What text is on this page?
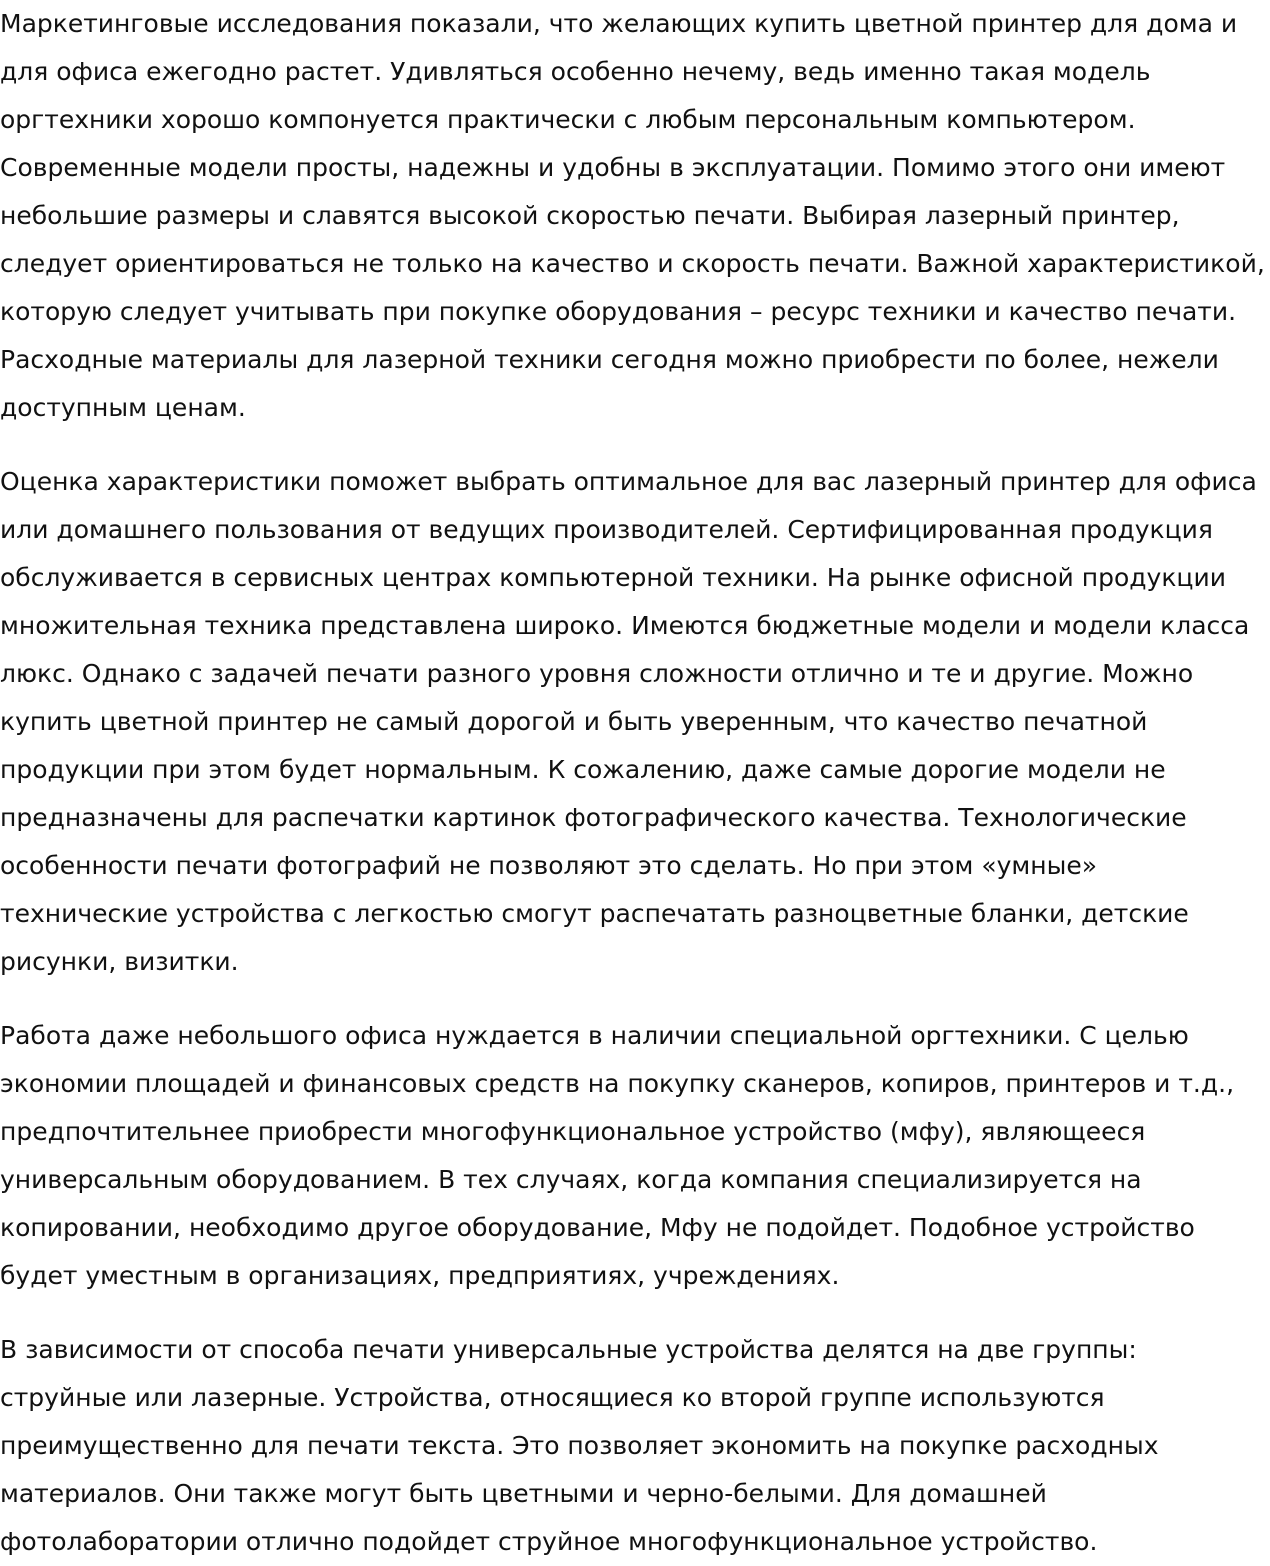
Маркетинговые исследования показали, что желающих купить цветной принтер для дома и для офиса ежегодно растет. Удивляться особенно нечему, ведь именно такая модель оргтехники хорошо компонуется практически с любым персональным компьютером. Современные модели просты, надежны и удобны в эксплуатации. Помимо этого они имеют небольшие размеры и славятся высокой скоростью печати. Выбирая лазерный принтер, следует ориентироваться не только на качество и скорость печати. Важной характеристикой, которую следует учитывать при покупке оборудования – ресурс техники и качество печати. Расходные материалы для лазерной техники сегодня можно приобрести по более, нежели доступным ценам.

Оценка характеристики поможет выбрать оптимальное для вас лазерный принтер для офиса или домашнего пользования от ведущих производителей. Сертифицированная продукция обслуживается в сервисных центрах компьютерной техники. На рынке офисной продукции множительная техника представлена широко. Имеются бюджетные модели и модели класса люкс. Однако с задачей печати разного уровня сложности отлично и те и другие. Можно купить цветной принтер не самый дорогой и быть уверенным, что качество печатной продукции при этом будет нормальным. К сожалению, даже самые дорогие модели не предназначены для распечатки картинок фотографического качества. Технологические особенности печати фотографий не позволяют это сделать. Но при этом «умные» технические устройства с легкостью смогут распечатать разноцветные бланки, детские рисунки, визитки.

Работа даже небольшого офиса нуждается в наличии специальной оргтехники. С целью экономии площадей и финансовых средств на покупку сканеров, копиров, принтеров и т.д., предпочтительнее приобрести многофункциональное устройство (мфу), являющееся универсальным оборудованием. В тех случаях, когда компания специализируется на копировании, необходимо другое оборудование, Мфу не подойдет. Подобное устройство будет уместным в организациях, предприятиях, учреждениях.

В зависимости от способа печати универсальные устройства делятся на две группы: струйные или лазерные. Устройства, относящиеся ко второй группе используются преимущественно для печати текста. Это позволяет экономить на покупке расходных материалов. Они также могут быть цветными и черно-белыми. Для домашней фотолаборатории отлично подойдет струйное многофункциональное устройство.
